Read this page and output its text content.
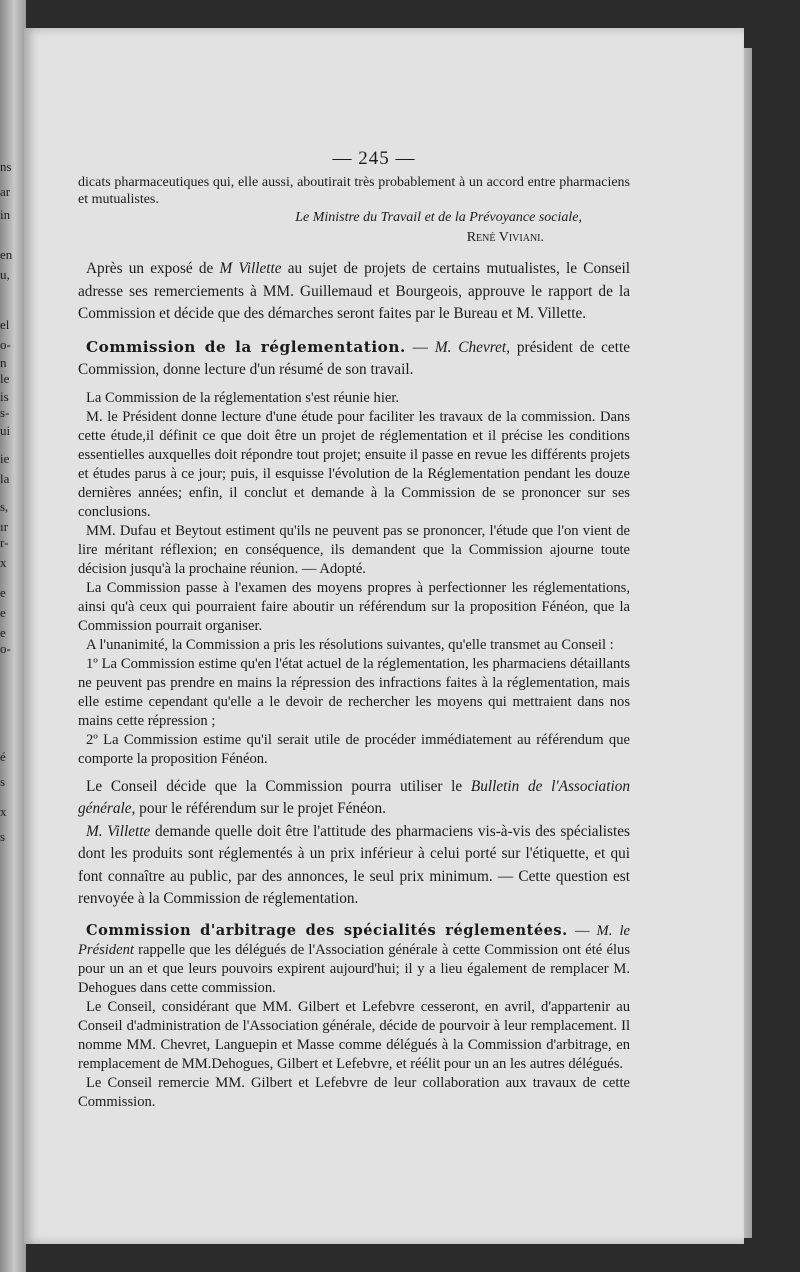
ns
ar
in
en
u,
el
o-
n
le
is
s-
ui
ie
la
s,
ır
r-
x
e
e
e
o-
é
s
x
s
— 245 —

dicats pharmaceutiques qui, elle aussi, aboutirait très probablement à un accord entre pharmaciens et mutualistes.

Le Ministre du Travail et de la Prévoyance sociale,
René Viviani.

Après un exposé de M Villette au sujet de projets de certains mutualistes, le Conseil adresse ses remerciements à MM. Guillemaud et Bourgeois, approuve le rapport de la Commission et décide que des démarches seront faites par le Bureau et M. Villette.

Commission de la réglementation. — M. Chevret, président de cette Commission, donne lecture d'un résumé de son travail.

La Commission de la réglementation s'est réunie hier.

M. le Président donne lecture d'une étude pour faciliter les travaux de la commission. Dans cette étude,il définit ce que doit être un projet de réglementation et il précise les conditions essentielles auxquelles doit répondre tout projet; ensuite il passe en revue les différents projets et études parus à ce jour; puis, il esquisse l'évolution de la Réglementation pendant les douze dernières années; enfin, il conclut et demande à la Commission de se prononcer sur ses conclusions.

MM. Dufau et Beytout estiment qu'ils ne peuvent pas se prononcer, l'étude que l'on vient de lire méritant réflexion; en conséquence, ils demandent que la Commission ajourne toute décision jusqu'à la prochaine réunion. — Adopté.

La Commission passe à l'examen des moyens propres à perfectionner les réglementations, ainsi qu'à ceux qui pourraient faire aboutir un référendum sur la proposition Fénéon, que la Commission pourrait organiser.

A l'unanimité, la Commission a pris les résolutions suivantes, qu'elle transmet au Conseil :

1º La Commission estime qu'en l'état actuel de la réglementation, les pharmaciens détaillants ne peuvent pas prendre en mains la répression des infractions faites à la réglementation, mais elle estime cependant qu'elle a le devoir de rechercher les moyens qui mettraient dans nos mains cette répression ;

2º La Commission estime qu'il serait utile de procéder immédiatement au référendum que comporte la proposition Fénéon.

Le Conseil décide que la Commission pourra utiliser le Bulletin de l'Association générale, pour le référendum sur le projet Fénéon.

M. Villette demande quelle doit être l'attitude des pharmaciens vis-à-vis des spécialistes dont les produits sont réglementés à un prix inférieur à celui porté sur l'étiquette, et qui font connaître au public, par des annonces, le seul prix minimum. — Cette question est renvoyée à la Commission de réglementation.

Commission d'arbitrage des spécialités réglementées. — M. le Président rappelle que les délégués de l'Association générale à cette Commission ont été élus pour un an et que leurs pouvoirs expirent aujourd'hui; il y a lieu également de remplacer M. Dehogues dans cette commission.

Le Conseil, considérant que MM. Gilbert et Lefebvre cesseront, en avril, d'appartenir au Conseil d'administration de l'Association générale, décide de pourvoir à leur remplacement. Il nomme MM. Chevret, Languepin et Masse comme délégués à la Commission d'arbitrage, en remplacement de MM.Dehogues, Gilbert et Lefebvre, et réélit pour un an les autres délégués.

Le Conseil remercie MM. Gilbert et Lefebvre de leur collaboration aux travaux de cette Commission.
